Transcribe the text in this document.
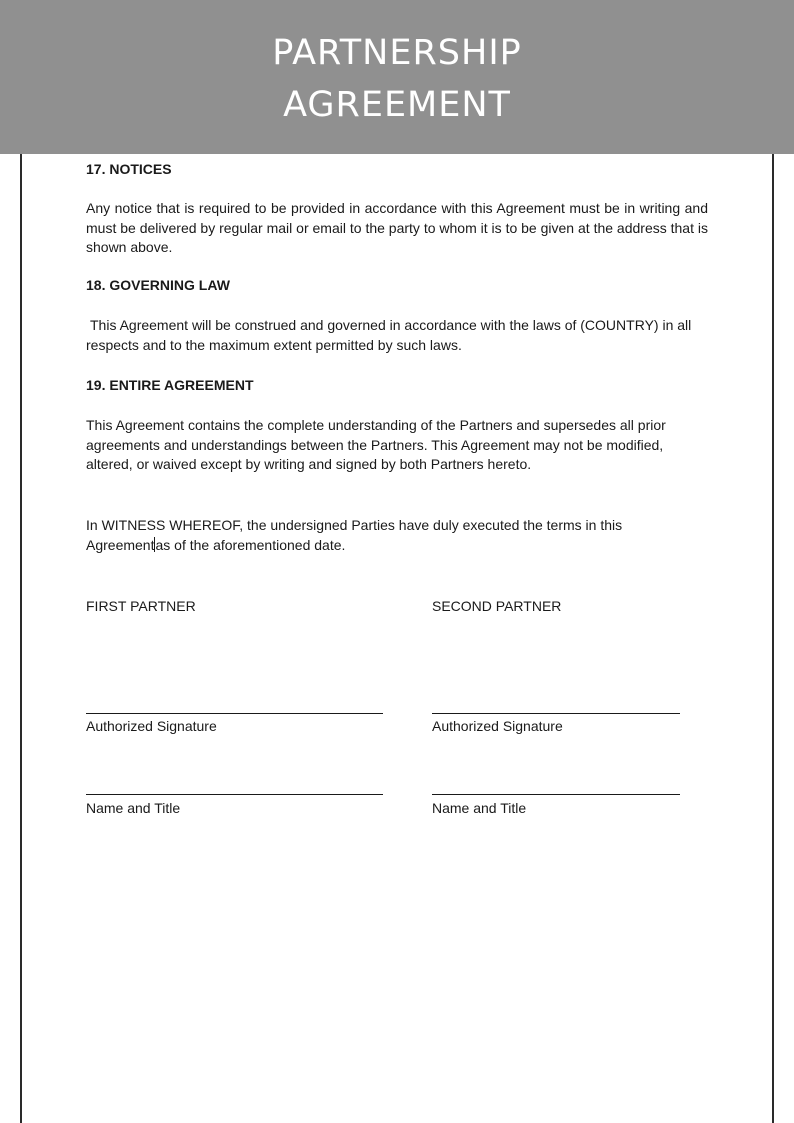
PARTNERSHIP AGREEMENT
17. NOTICES

Any notice that is required to be provided in accordance with this Agreement must be in writing and must be delivered by regular mail or email to the party to whom it is to be given at the address that is shown above.

18. GOVERNING LAW

This Agreement will be construed and governed in accordance with the laws of (COUNTRY) in all respects and to the maximum extent permitted by such laws.

19. ENTIRE AGREEMENT

This Agreement contains the complete understanding of the Partners and supersedes all prior agreements and understandings between the Partners. This Agreement may not be modified, altered, or waived except by writing and signed by both Partners hereto.

In WITNESS WHEREOF, the undersigned Parties have duly executed the terms in this
Agreementas of the aforementioned date.

FIRST PARTNER	SECOND PARTNER
Authorized Signature	Authorized Signature
Name and Title	Name and Title
